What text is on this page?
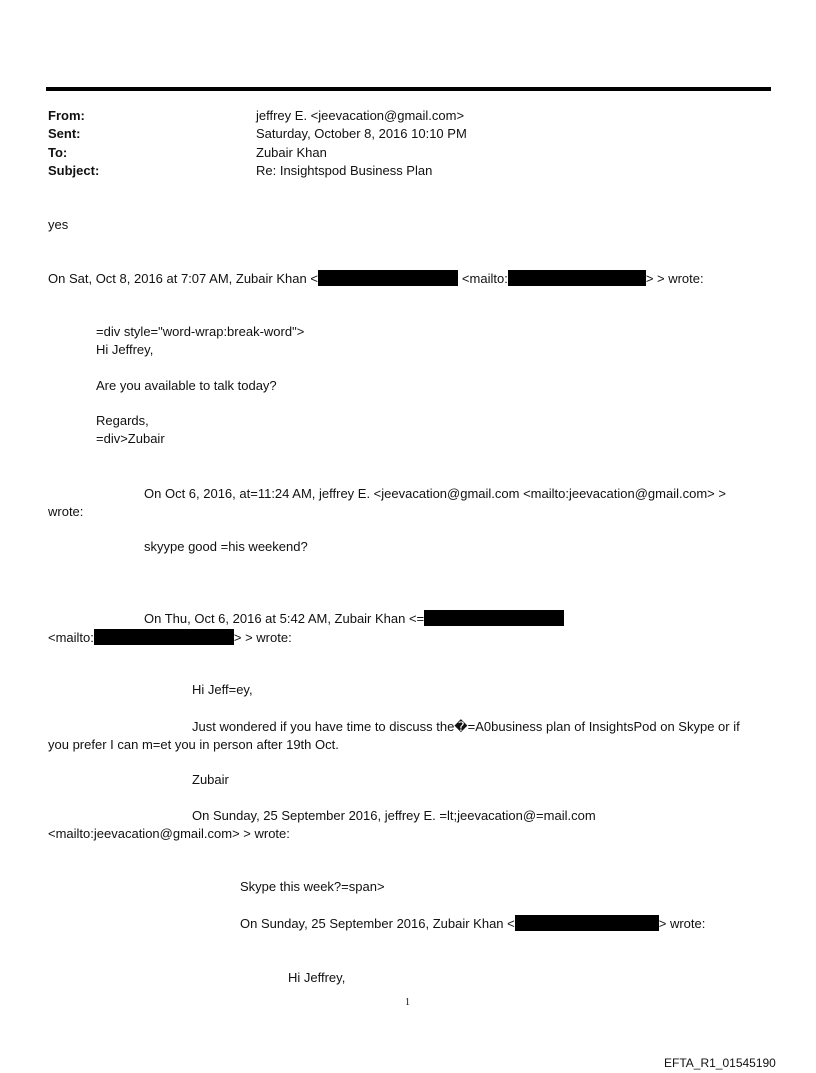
From:	jeffrey E. <jeevacation@gmail.com>
Sent:	Saturday, October 8, 2016 10:10 PM
To:	Zubair Khan
Subject:	Re: Insightspod Business Plan
yes
On Sat, Oct 8, 2016 at 7:07 AM, Zubair Khan <	<mailto:	> > wrote:
=div style="word-wrap:break-word">
Hi Jeffrey,
Are you available to talk today?
Regards,
=div>Zubair
On Oct 6, 2016, at=11:24 AM, jeffrey E. <jeevacation@gmail.com <mailto:jeevacation@gmail.com> >
wrote:
skyype good =his weekend?
On Thu, Oct 6, 2016 at 5:42 AM, Zubair Khan <=
<mailto:	> > wrote:
Hi Jeff=ey,
Just wondered if you have time to discuss the�=A0business plan of InsightsPod on Skype or if
you prefer I can m=et you in person after 19th Oct.
Zubair
On Sunday, 25 September 2016, jeffrey E. =lt;jeevacation@=mail.com
<mailto:jeevacation@gmail.com> > wrote:
Skype this week?=span>
On Sunday, 25 September 2016, Zubair Khan <	> wrote:
Hi Jeffrey,
1
EFTA_R1_01545190
